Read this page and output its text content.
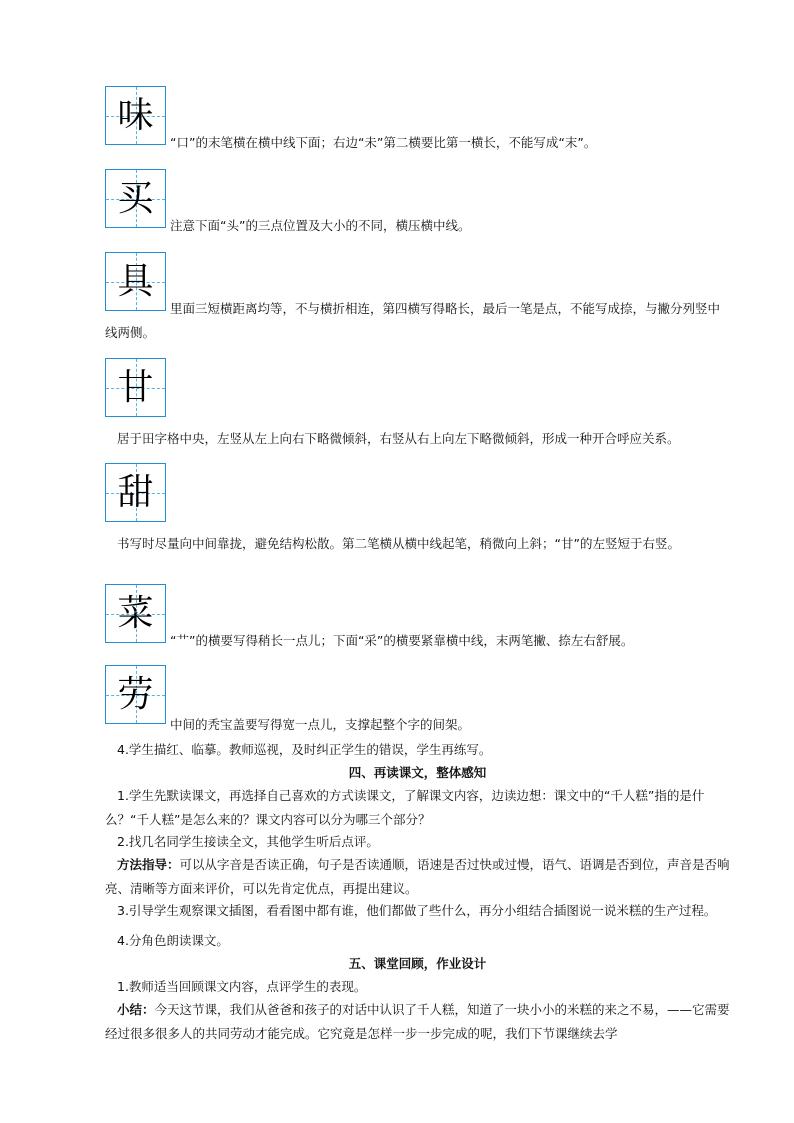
味
“口”的末笔横在横中线下面；右边“未”第二横要比第一横长，不能写成“末”。
买
注意下面“头”的三点位置及大小的不同，横压横中线。
具
里面三短横距离均等，不与横折相连，第四横写得略长，最后一笔是点，不能写成捺，与撇分列竖中线两侧。
甘
居于田字格中央，左竖从左上向右下略微倾斜，右竖从右上向左下略微倾斜，形成一种开合呼应关系。
甜
书写时尽量向中间靠拢，避免结构松散。第二笔横从横中线起笔，稍微向上斜；“甘”的左竖短于右竖。
菜
“艹”的横要写得稍长一点儿；下面“采”的横要紧靠横中线，末两笔撇、捺左右舒展。
劳
中间的秃宝盖要写得宽一点儿，支撑起整个字的间架。
4.学生描红、临摹。教师巡视，及时纠正学生的错误，学生再练写。
四、再读课文，整体感知
1.学生先默读课文，再选择自己喜欢的方式读课文，了解课文内容，边读边想：课文中的“千人糕”指的是什么？“千人糕”是怎么来的？课文内容可以分为哪三个部分？
2.找几名同学生接读全文，其他学生听后点评。
方法指导：可以从字音是否读正确，句子是否读通顺，语速是否过快或过慢，语气、语调是否到位，声音是否响亮、清晰等方面来评价，可以先肯定优点，再提出建议。
3.引导学生观察课文插图，看看图中都有谁，他们都做了些什么，再分小组结合插图说一说米糕的生产过程。
4.分角色朗读课文。
五、课堂回顾，作业设计
1.教师适当回顾课文内容，点评学生的表现。
小结：今天这节课，我们从爸爸和孩子的对话中认识了千人糕，知道了一块小小的米糕的来之不易，——它需要经过很多很多人的共同劳动才能完成。它究竟是怎样一步一步完成的呢，我们下节课继续去学
